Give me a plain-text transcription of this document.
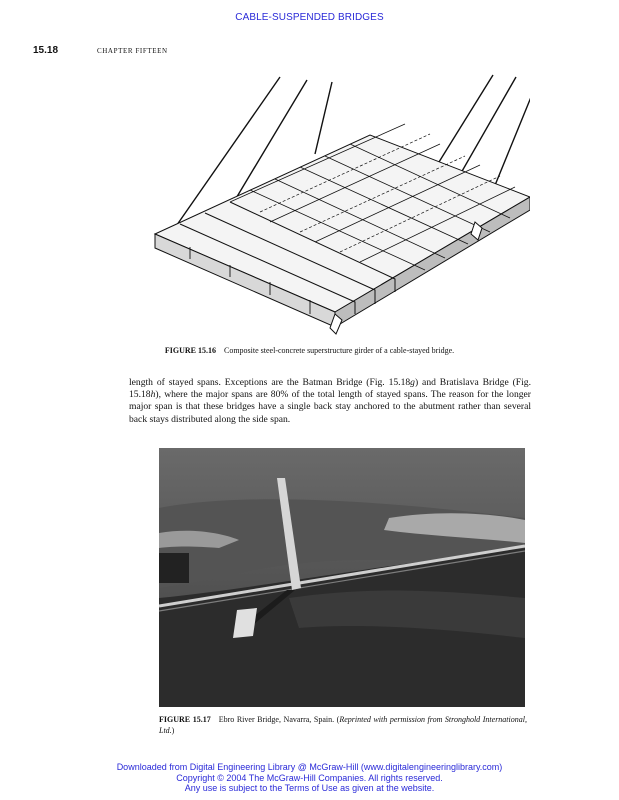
CABLE-SUSPENDED BRIDGES
15.18	CHAPTER FIFTEEN
FIGURE 15.16 Composite steel-concrete superstructure girder of a cable-stayed bridge.
length of stayed spans. Exceptions are the Batman Bridge (Fig. 15.18g) and Bratislava Bridge (Fig. 15.18h), where the major spans are 80% of the total length of stayed spans. The reason for the longer major span is that these bridges have a single back stay anchored to the abutment rather than several back stays distributed along the side span.
FIGURE 15.17 Ebro River Bridge, Navarra, Spain. (Reprinted with permission from Stronghold International, Ltd.)
Downloaded from Digital Engineering Library @ McGraw-Hill (www.digitalengineeringlibrary.com)
Copyright © 2004 The McGraw-Hill Companies. All rights reserved.
Any use is subject to the Terms of Use as given at the website.
